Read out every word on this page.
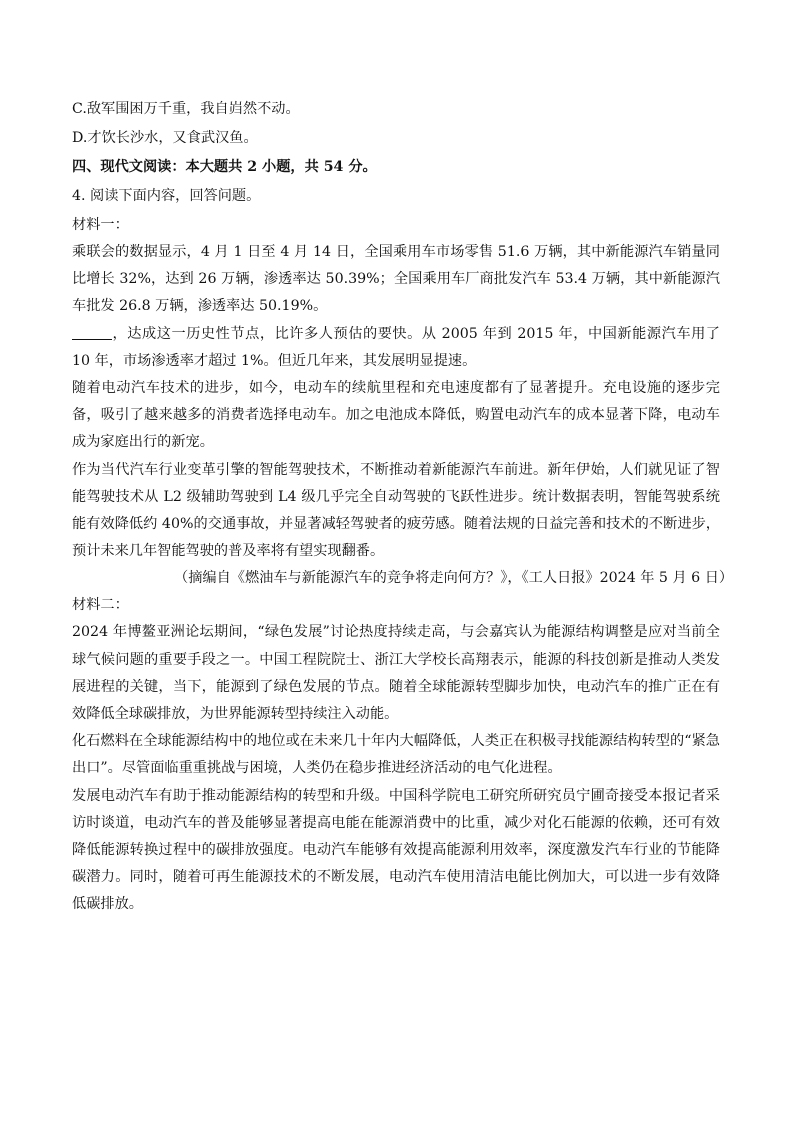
C.敌军围困万千重，我自岿然不动。

D.才饮长沙水，又食武汉鱼。

四、现代文阅读：本大题共 2 小题，共 54 分。

4. 阅读下面内容，回答问题。

材料一：

乘联会的数据显示，4 月 1 日至 4 月 14 日，全国乘用车市场零售 51.6 万辆，其中新能源汽车销量同比增长 32%，达到 26 万辆，渗透率达 50.39%；全国乘用车厂商批发汽车 53.4 万辆，其中新能源汽车批发 26.8 万辆，渗透率达 50.19%。

，达成这一历史性节点，比许多人预估的要快。从 2005 年到 2015 年，中国新能源汽车用了 10 年，市场渗透率才超过 1%。但近几年来，其发展明显提速。

随着电动汽车技术的进步，如今，电动车的续航里程和充电速度都有了显著提升。充电设施的逐步完备，吸引了越来越多的消费者选择电动车。加之电池成本降低，购置电动汽车的成本显著下降，电动车成为家庭出行的新宠。

作为当代汽车行业变革引擎的智能驾驶技术，不断推动着新能源汽车前进。新年伊始，人们就见证了智能驾驶技术从 L2 级辅助驾驶到 L4 级几乎完全自动驾驶的飞跃性进步。统计数据表明，智能驾驶系统能有效降低约 40%的交通事故，并显著减轻驾驶者的疲劳感。随着法规的日益完善和技术的不断进步，预计未来几年智能驾驶的普及率将有望实现翻番。

（摘编自《燃油车与新能源汽车的竞争将走向何方？》，《工人日报》2024 年 5 月 6 日）

材料二：

2024 年博鳌亚洲论坛期间，“绿色发展”讨论热度持续走高，与会嘉宾认为能源结构调整是应对当前全球气候问题的重要手段之一。中国工程院院士、浙江大学校长高翔表示，能源的科技创新是推动人类发展进程的关键，当下，能源到了绿色发展的节点。随着全球能源转型脚步加快，电动汽车的推广正在有效降低全球碳排放，为世界能源转型持续注入动能。

化石燃料在全球能源结构中的地位或在未来几十年内大幅降低，人类正在积极寻找能源结构转型的“紧急出口”。尽管面临重重挑战与困境，人类仍在稳步推进经济活动的电气化进程。

发展电动汽车有助于推动能源结构的转型和升级。中国科学院电工研究所研究员宁圃奇接受本报记者采访时谈道，电动汽车的普及能够显著提高电能在能源消费中的比重，减少对化石能源的依赖，还可有效降低能源转换过程中的碳排放强度。电动汽车能够有效提高能源利用效率，深度激发汽车行业的节能降碳潜力。同时，随着可再生能源技术的不断发展，电动汽车使用清洁电能比例加大，可以进一步有效降低碳排放。
